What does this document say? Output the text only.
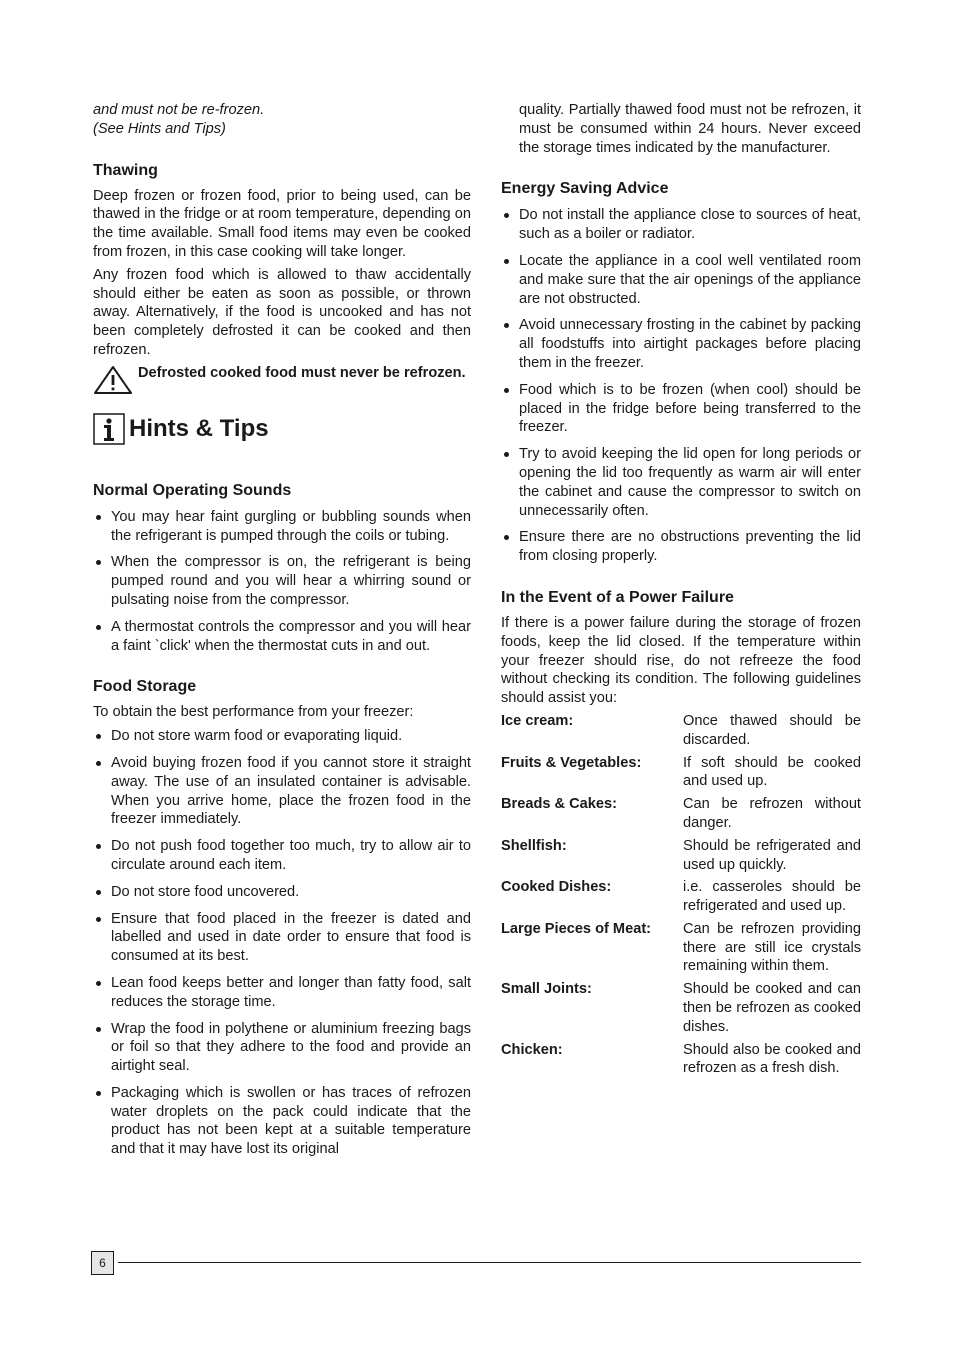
and must not be re-frozen.

(See Hints and Tips)

Thawing

Deep frozen or frozen food, prior to being used, can be thawed in the fridge or at room temperature, depending on the time available. Small food items may even be cooked from frozen, in this case cooking will take longer.

Any frozen food which is allowed to thaw accidentally should either be eaten as soon as possible, or thrown away. Alternatively, if the food is uncooked and has not been completely defrosted it can be cooked and then refrozen.

Defrosted cooked food must never be refrozen.

Hints & Tips
Normal Operating Sounds
You may hear faint gurgling or bubbling sounds when the refrigerant is pumped through the coils or tubing.
When the compressor is on, the refrigerant is being pumped round and you will hear a whirring sound or pulsating noise from the compressor.
A thermostat controls the compressor and you will hear a faint `click' when the thermostat cuts in and out.
Food Storage

To obtain the best performance from your freezer:

Do not store warm food or evaporating liquid.
Avoid buying frozen food if you cannot store it straight away. The use of an insulated container is advisable. When you arrive home, place the frozen food in the freezer immediately.
Do not push food together too much, try to allow air to circulate around each item.
Do not store food uncovered.
Ensure that food placed in the freezer is dated and labelled and used in date order to ensure that food is consumed at its best.
Lean food keeps better and longer than fatty food, salt reduces the storage time.
Wrap the food in polythene or aluminium freezing bags or foil so that they adhere to the food and provide an airtight seal.
Packaging which is swollen or has traces of refrozen water droplets on the pack could indicate that the product has not been kept at a suitable temperature and that it may have lost its original

quality. Partially thawed food must not be refrozen, it must be consumed within 24 hours. Never exceed the storage times indicated by the manufacturer.

Energy Saving Advice
Do not install the appliance close to sources of heat, such as a boiler or radiator.
Locate the appliance in a cool well ventilated room and make sure that the air openings of the appliance are not obstructed.
Avoid unnecessary frosting in the cabinet by packing all foodstuffs into airtight packages before placing them in the freezer.
Food which is to be frozen (when cool) should be placed in the fridge before being transferred to the freezer.
Try to avoid keeping the lid open for long periods or opening the lid too frequently as warm air will enter the cabinet and cause the compressor to switch on unnecessarily often.
Ensure there are no obstructions preventing the lid from closing properly.
In the Event of a Power Failure

If there is a power failure during the storage of frozen foods, keep the lid closed. If the temperature within your freezer should rise, do not refreeze the food without checking its condition. The following guidelines should assist you:

Ice cream:	Once thawed should be discarded.
Fruits & Vegetables:	If soft should be cooked and used up.
Breads & Cakes:	Can be refrozen without danger.
Shellfish:	Should be refrigerated and used up quickly.
Cooked Dishes:	i.e. casseroles should be refrigerated and used up.
Large Pieces of Meat:	Can be refrozen providing there are still ice crystals remaining within them.
Small Joints:	Should be cooked and can then be refrozen as cooked dishes.
Chicken:	Should also be cooked and refrozen as a fresh dish.
6
